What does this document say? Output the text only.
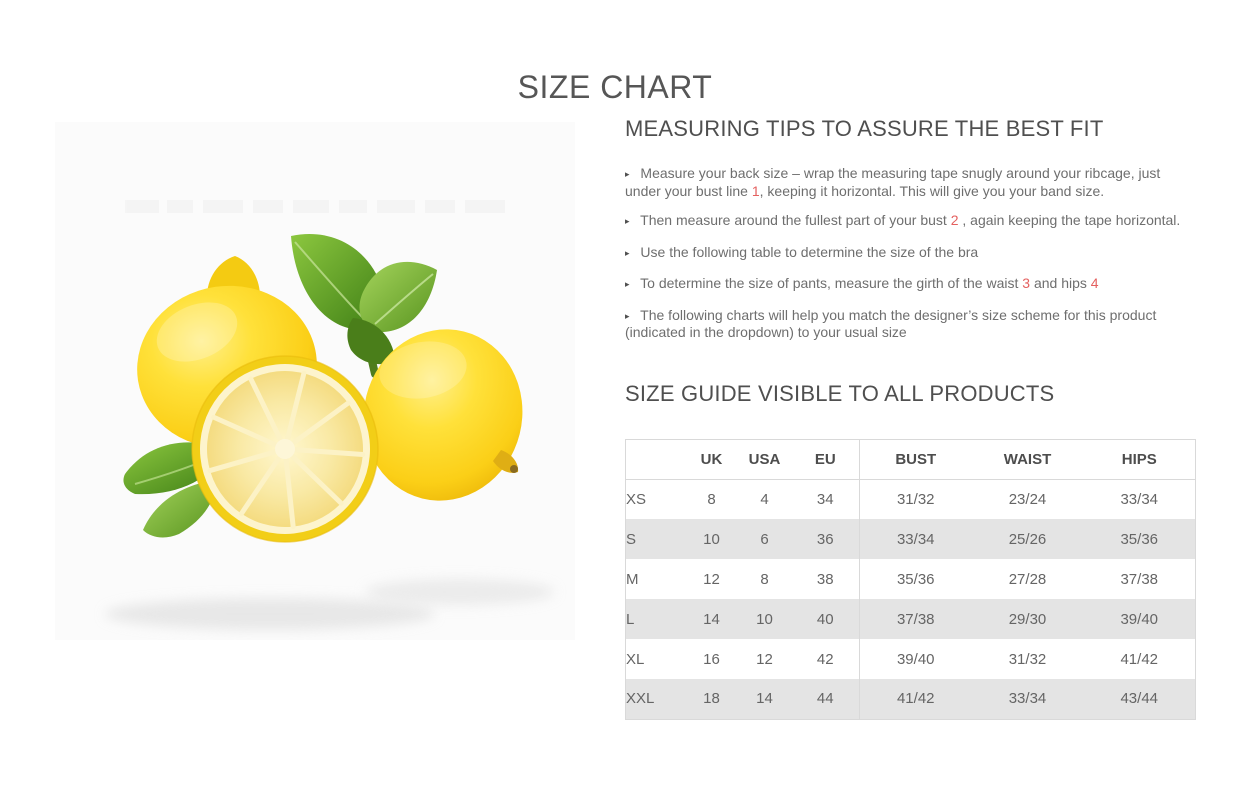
SIZE CHART
MEASURING TIPS TO ASSURE THE BEST FIT

▸ Measure your back size – wrap the measuring tape snugly around your ribcage, just under your bust line 1, keeping it horizontal. This will give you your band size.

▸ Then measure around the fullest part of your bust 2 , again keeping the tape horizontal.

▸ Use the following table to determine the size of the bra

▸ To determine the size of pants, measure the girth of the waist 3 and hips 4

▸ The following charts will help you match the designer’s size scheme for this product (indicated in the dropdown) to your usual size

SIZE GUIDE VISIBLE TO ALL PRODUCTS
	UK	USA	EU	BUST	WAIST	HIPS
XS	8	4	34	31/32	23/24	33/34
S	10	6	36	33/34	25/26	35/36
M	12	8	38	35/36	27/28	37/38
L	14	10	40	37/38	29/30	39/40
XL	16	12	42	39/40	31/32	41/42
XXL	18	14	44	41/42	33/34	43/44
